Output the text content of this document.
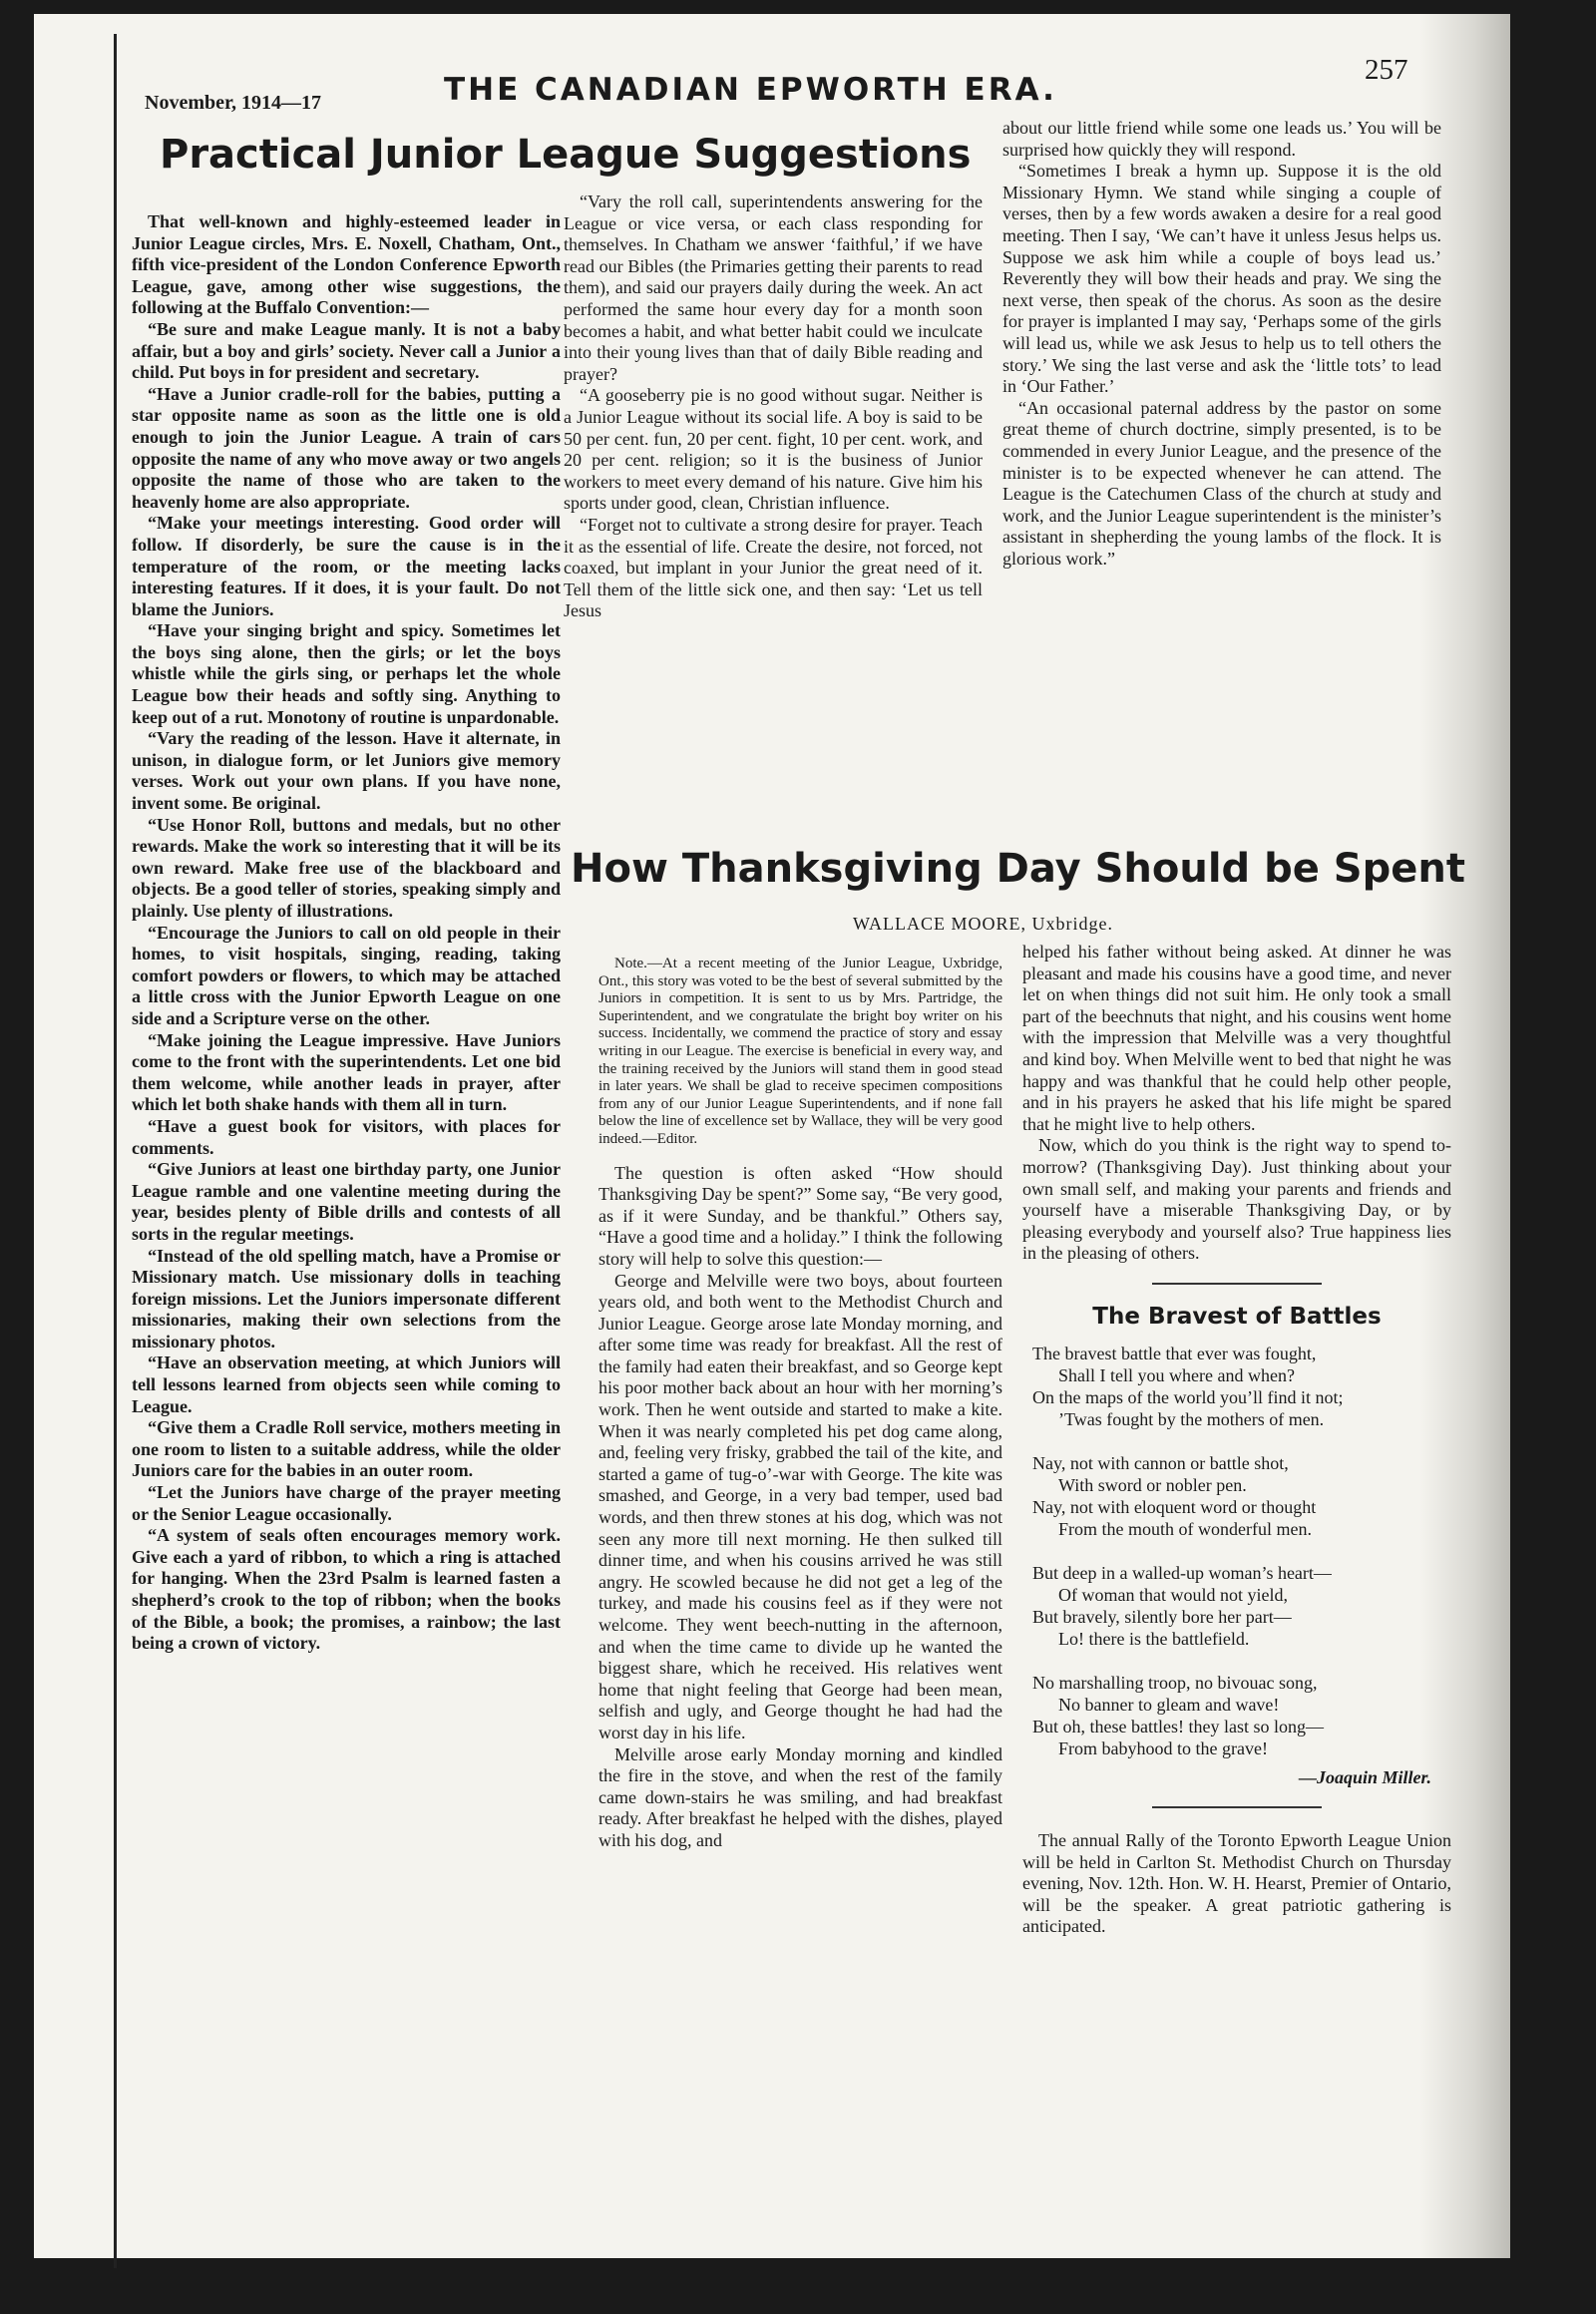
November, 1914—17	THE CANADIAN EPWORTH ERA.
257
Practical Junior League Suggestions

That well-known and highly-esteemed leader in Junior League circles, Mrs. E. Noxell, Chatham, Ont., fifth vice-president of the London Conference Epworth League, gave, among other wise suggestions, the following at the Buffalo Convention:—

“Be sure and make League manly. It is not a baby affair, but a boy and girls’ society. Never call a Junior a child. Put boys in for president and secretary.

“Have a Junior cradle-roll for the babies, putting a star opposite name as soon as the little one is old enough to join the Junior League. A train of cars opposite the name of any who move away or two angels opposite the name of those who are taken to the heavenly home are also appropriate.

“Make your meetings interesting. Good order will follow. If disorderly, be sure the cause is in the temperature of the room, or the meeting lacks interesting features. If it does, it is your fault. Do not blame the Juniors.

“Have your singing bright and spicy. Sometimes let the boys sing alone, then the girls; or let the boys whistle while the girls sing, or perhaps let the whole League bow their heads and softly sing. Anything to keep out of a rut. Monotony of routine is unpardonable.

“Vary the reading of the lesson. Have it alternate, in unison, in dialogue form, or let Juniors give memory verses. Work out your own plans. If you have none, invent some. Be original.

“Use Honor Roll, buttons and medals, but no other rewards. Make the work so interesting that it will be its own reward. Make free use of the blackboard and objects. Be a good teller of stories, speaking simply and plainly. Use plenty of illustrations.

“Encourage the Juniors to call on old people in their homes, to visit hospitals, singing, reading, taking comfort powders or flowers, to which may be attached a little cross with the Junior Epworth League on one side and a Scripture verse on the other.

“Make joining the League impressive. Have Juniors come to the front with the superintendents. Let one bid them welcome, while another leads in prayer, after which let both shake hands with them all in turn.

“Have a guest book for visitors, with places for comments.

“Give Juniors at least one birthday party, one Junior League ramble and one valentine meeting during the year, besides plenty of Bible drills and contests of all sorts in the regular meetings.

“Instead of the old spelling match, have a Promise or Missionary match. Use missionary dolls in teaching foreign missions. Let the Juniors impersonate different missionaries, making their own selections from the missionary photos.

“Have an observation meeting, at which Juniors will tell lessons learned from objects seen while coming to League.

“Give them a Cradle Roll service, mothers meeting in one room to listen to a suitable address, while the older Juniors care for the babies in an outer room.

“Let the Juniors have charge of the prayer meeting or the Senior League occasionally.

“A system of seals often encourages memory work. Give each a yard of ribbon, to which a ring is attached for hanging. When the 23rd Psalm is learned fasten a shepherd’s crook to the top of ribbon; when the books of the Bible, a book; the promises, a rainbow; the last being a crown of victory.

“Vary the roll call, superintendents answering for the League or vice versa, or each class responding for themselves. In Chatham we answer ‘faithful,’ if we have read our Bibles (the Primaries getting their parents to read them), and said our prayers daily during the week. An act performed the same hour every day for a month soon becomes a habit, and what better habit could we inculcate into their young lives than that of daily Bible reading and prayer?

“A gooseberry pie is no good without sugar. Neither is a Junior League without its social life. A boy is said to be 50 per cent. fun, 20 per cent. fight, 10 per cent. work, and 20 per cent. religion; so it is the business of Junior workers to meet every demand of his nature. Give him his sports under good, clean, Christian influence.

“Forget not to cultivate a strong desire for prayer. Teach it as the essential of life. Create the desire, not forced, not coaxed, but implant in your Junior the great need of it. Tell them of the little sick one, and then say: ‘Let us tell Jesus

about our little friend while some one leads us.’ You will be surprised how quickly they will respond.

“Sometimes I break a hymn up. Suppose it is the old Missionary Hymn. We stand while singing a couple of verses, then by a few words awaken a desire for a real good meeting. Then I say, ‘We can’t have it unless Jesus helps us. Suppose we ask him while a couple of boys lead us.’ Reverently they will bow their heads and pray. We sing the next verse, then speak of the chorus. As soon as the desire for prayer is implanted I may say, ‘Perhaps some of the girls will lead us, while we ask Jesus to help us to tell others the story.’ We sing the last verse and ask the ‘little tots’ to lead in ‘Our Father.’

“An occasional paternal address by the pastor on some great theme of church doctrine, simply presented, is to be commended in every Junior League, and the presence of the minister is to be expected whenever he can attend. The League is the Catechumen Class of the church at study and work, and the Junior League superintendent is the minister’s assistant in shepherding the young lambs of the flock. It is glorious work.”

How Thanksgiving Day Should be Spent
WALLACE MOORE, Uxbridge.

Note.—At a recent meeting of the Junior League, Uxbridge, Ont., this story was voted to be the best of several submitted by the Juniors in competition. It is sent to us by Mrs. Partridge, the Superintendent, and we congratulate the bright boy writer on his success. Incidentally, we commend the practice of story and essay writing in our League. The exercise is beneficial in every way, and the training received by the Juniors will stand them in good stead in later years. We shall be glad to receive specimen compositions from any of our Junior League Superintendents, and if none fall below the line of excellence set by Wallace, they will be very good indeed.—Editor.

The question is often asked “How should Thanksgiving Day be spent?” Some say, “Be very good, as if it were Sunday, and be thankful.” Others say, “Have a good time and a holiday.” I think the following story will help to solve this question:—

George and Melville were two boys, about fourteen years old, and both went to the Methodist Church and Junior League. George arose late Monday morning, and after some time was ready for breakfast. All the rest of the family had eaten their breakfast, and so George kept his poor mother back about an hour with her morning’s work. Then he went outside and started to make a kite. When it was nearly completed his pet dog came along, and, feeling very frisky, grabbed the tail of the kite, and started a game of tug-o’-war with George. The kite was smashed, and George, in a very bad temper, used bad words, and then threw stones at his dog, which was not seen any more till next morning. He then sulked till dinner time, and when his cousins arrived he was still angry. He scowled because he did not get a leg of the turkey, and made his cousins feel as if they were not welcome. They went beech-nutting in the afternoon, and when the time came to divide up he wanted the biggest share, which he received. His relatives went home that night feeling that George had been mean, selfish and ugly, and George thought he had had the worst day in his life.

Melville arose early Monday morning and kindled the fire in the stove, and when the rest of the family came down-stairs he was smiling, and had breakfast ready. After breakfast he helped with the dishes, played with his dog, and

helped his father without being asked. At dinner he was pleasant and made his cousins have a good time, and never let on when things did not suit him. He only took a small part of the beechnuts that night, and his cousins went home with the impression that Melville was a very thoughtful and kind boy. When Melville went to bed that night he was happy and was thankful that he could help other people, and in his prayers he asked that his life might be spared that he might live to help others.

Now, which do you think is the right way to spend to-morrow? (Thanksgiving Day). Just thinking about your own small self, and making your parents and friends and yourself have a miserable Thanksgiving Day, or by pleasing everybody and yourself also? True happiness lies in the pleasing of others.

The Bravest of Battles
The bravest battle that ever was fought,
Shall I tell you where and when?
On the maps of the world you’ll find it not;
’Twas fought by the mothers of men.
Nay, not with cannon or battle shot,
With sword or nobler pen.
Nay, not with eloquent word or thought
From the mouth of wonderful men.
But deep in a walled-up woman’s heart—
Of woman that would not yield,
But bravely, silently bore her part—
Lo! there is the battlefield.
No marshalling troop, no bivouac song,
No banner to gleam and wave!
But oh, these battles! they last so long—
From babyhood to the grave!
—Joaquin Miller.

The annual Rally of the Toronto Epworth League Union will be held in Carlton St. Methodist Church on Thursday evening, Nov. 12th. Hon. W. H. Hearst, Premier of Ontario, will be the speaker. A great patriotic gathering is anticipated.
